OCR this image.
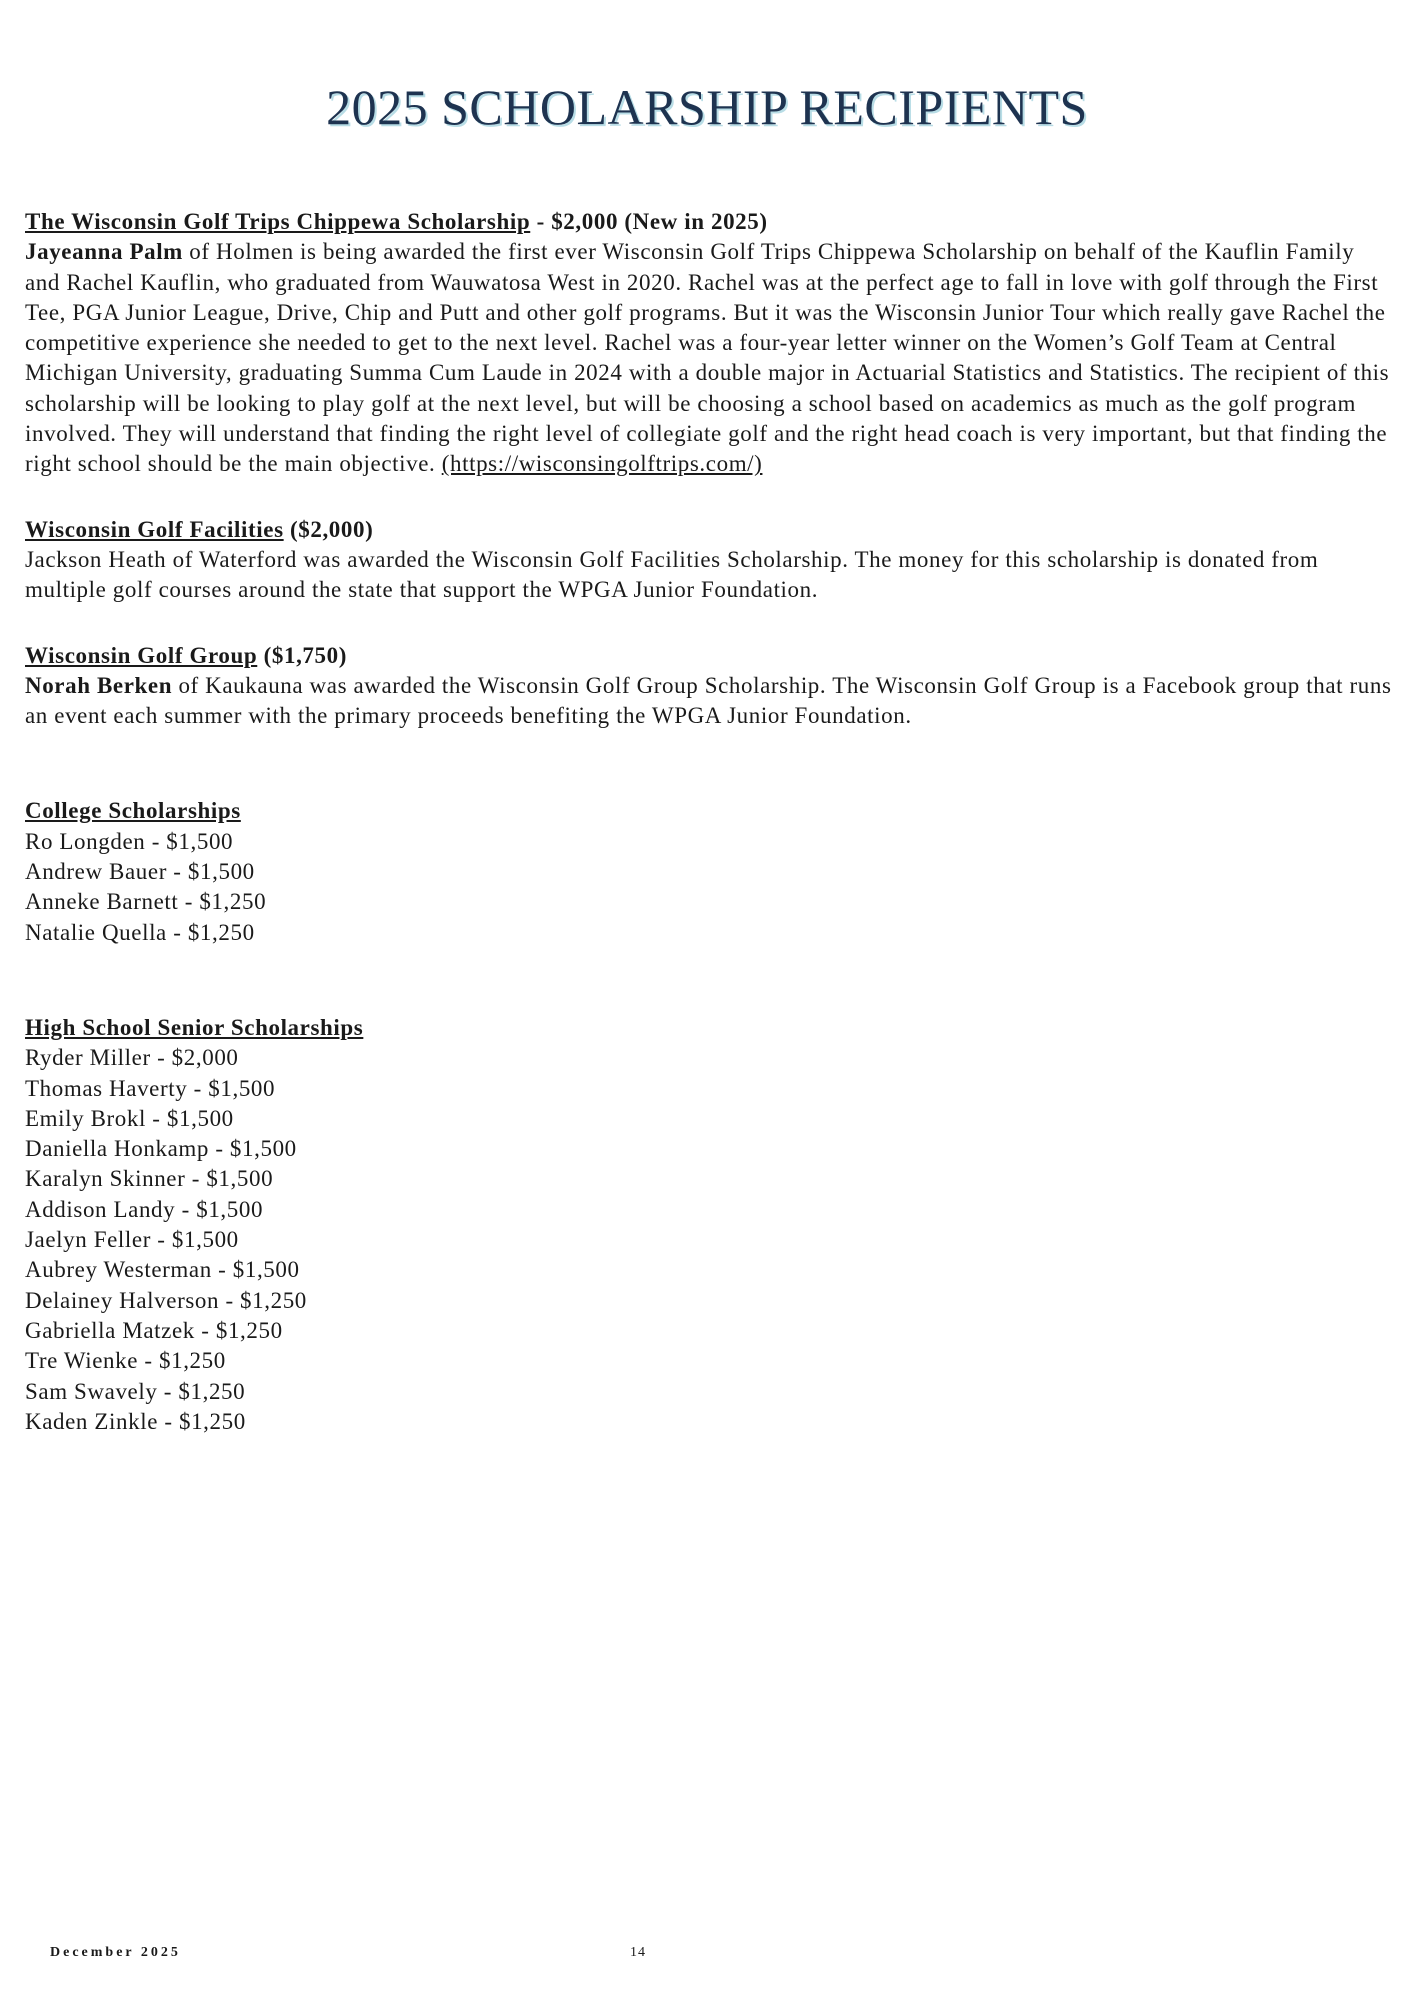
2025 SCHOLARSHIP RECIPIENTS
The Wisconsin Golf Trips Chippewa Scholarship - $2,000 (New in 2025)
Jayeanna Palm of Holmen is being awarded the first ever Wisconsin Golf Trips Chippewa Scholarship on behalf of the Kauflin Family and Rachel Kauflin, who graduated from Wauwatosa West in 2020. Rachel was at the perfect age to fall in love with golf through the First Tee, PGA Junior League, Drive, Chip and Putt and other golf programs. But it was the Wisconsin Junior Tour which really gave Rachel the competitive experience she needed to get to the next level. Rachel was a four-year letter winner on the Women’s Golf Team at Central Michigan University, graduating Summa Cum Laude in 2024 with a double major in Actuarial Statistics and Statistics. The recipient of this scholarship will be looking to play golf at the next level, but will be choosing a school based on academics as much as the golf program involved. They will understand that finding the right level of collegiate golf and the right head coach is very important, but that finding the right school should be the main objective. (https://wisconsingolftrips.com/)
Wisconsin Golf Facilities ($2,000)
Jackson Heath of Waterford was awarded the Wisconsin Golf Facilities Scholarship. The money for this scholarship is donated from multiple golf courses around the state that support the WPGA Junior Foundation.
Wisconsin Golf Group ($1,750)
Norah Berken of Kaukauna was awarded the Wisconsin Golf Group Scholarship. The Wisconsin Golf Group is a Facebook group that runs an event each summer with the primary proceeds benefiting the WPGA Junior Foundation.
College Scholarships
Ro Longden - $1,500
Andrew Bauer - $1,500
Anneke Barnett - $1,250
Natalie Quella - $1,250
High School Senior Scholarships
Ryder Miller - $2,000
Thomas Haverty - $1,500
Emily Brokl - $1,500
Daniella Honkamp - $1,500
Karalyn Skinner - $1,500
Addison Landy - $1,500
Jaelyn Feller - $1,500
Aubrey Westerman - $1,500
Delainey Halverson - $1,250
Gabriella Matzek - $1,250
Tre Wienke - $1,250
Sam Swavely - $1,250
Kaden Zinkle - $1,250
December 2025	14
